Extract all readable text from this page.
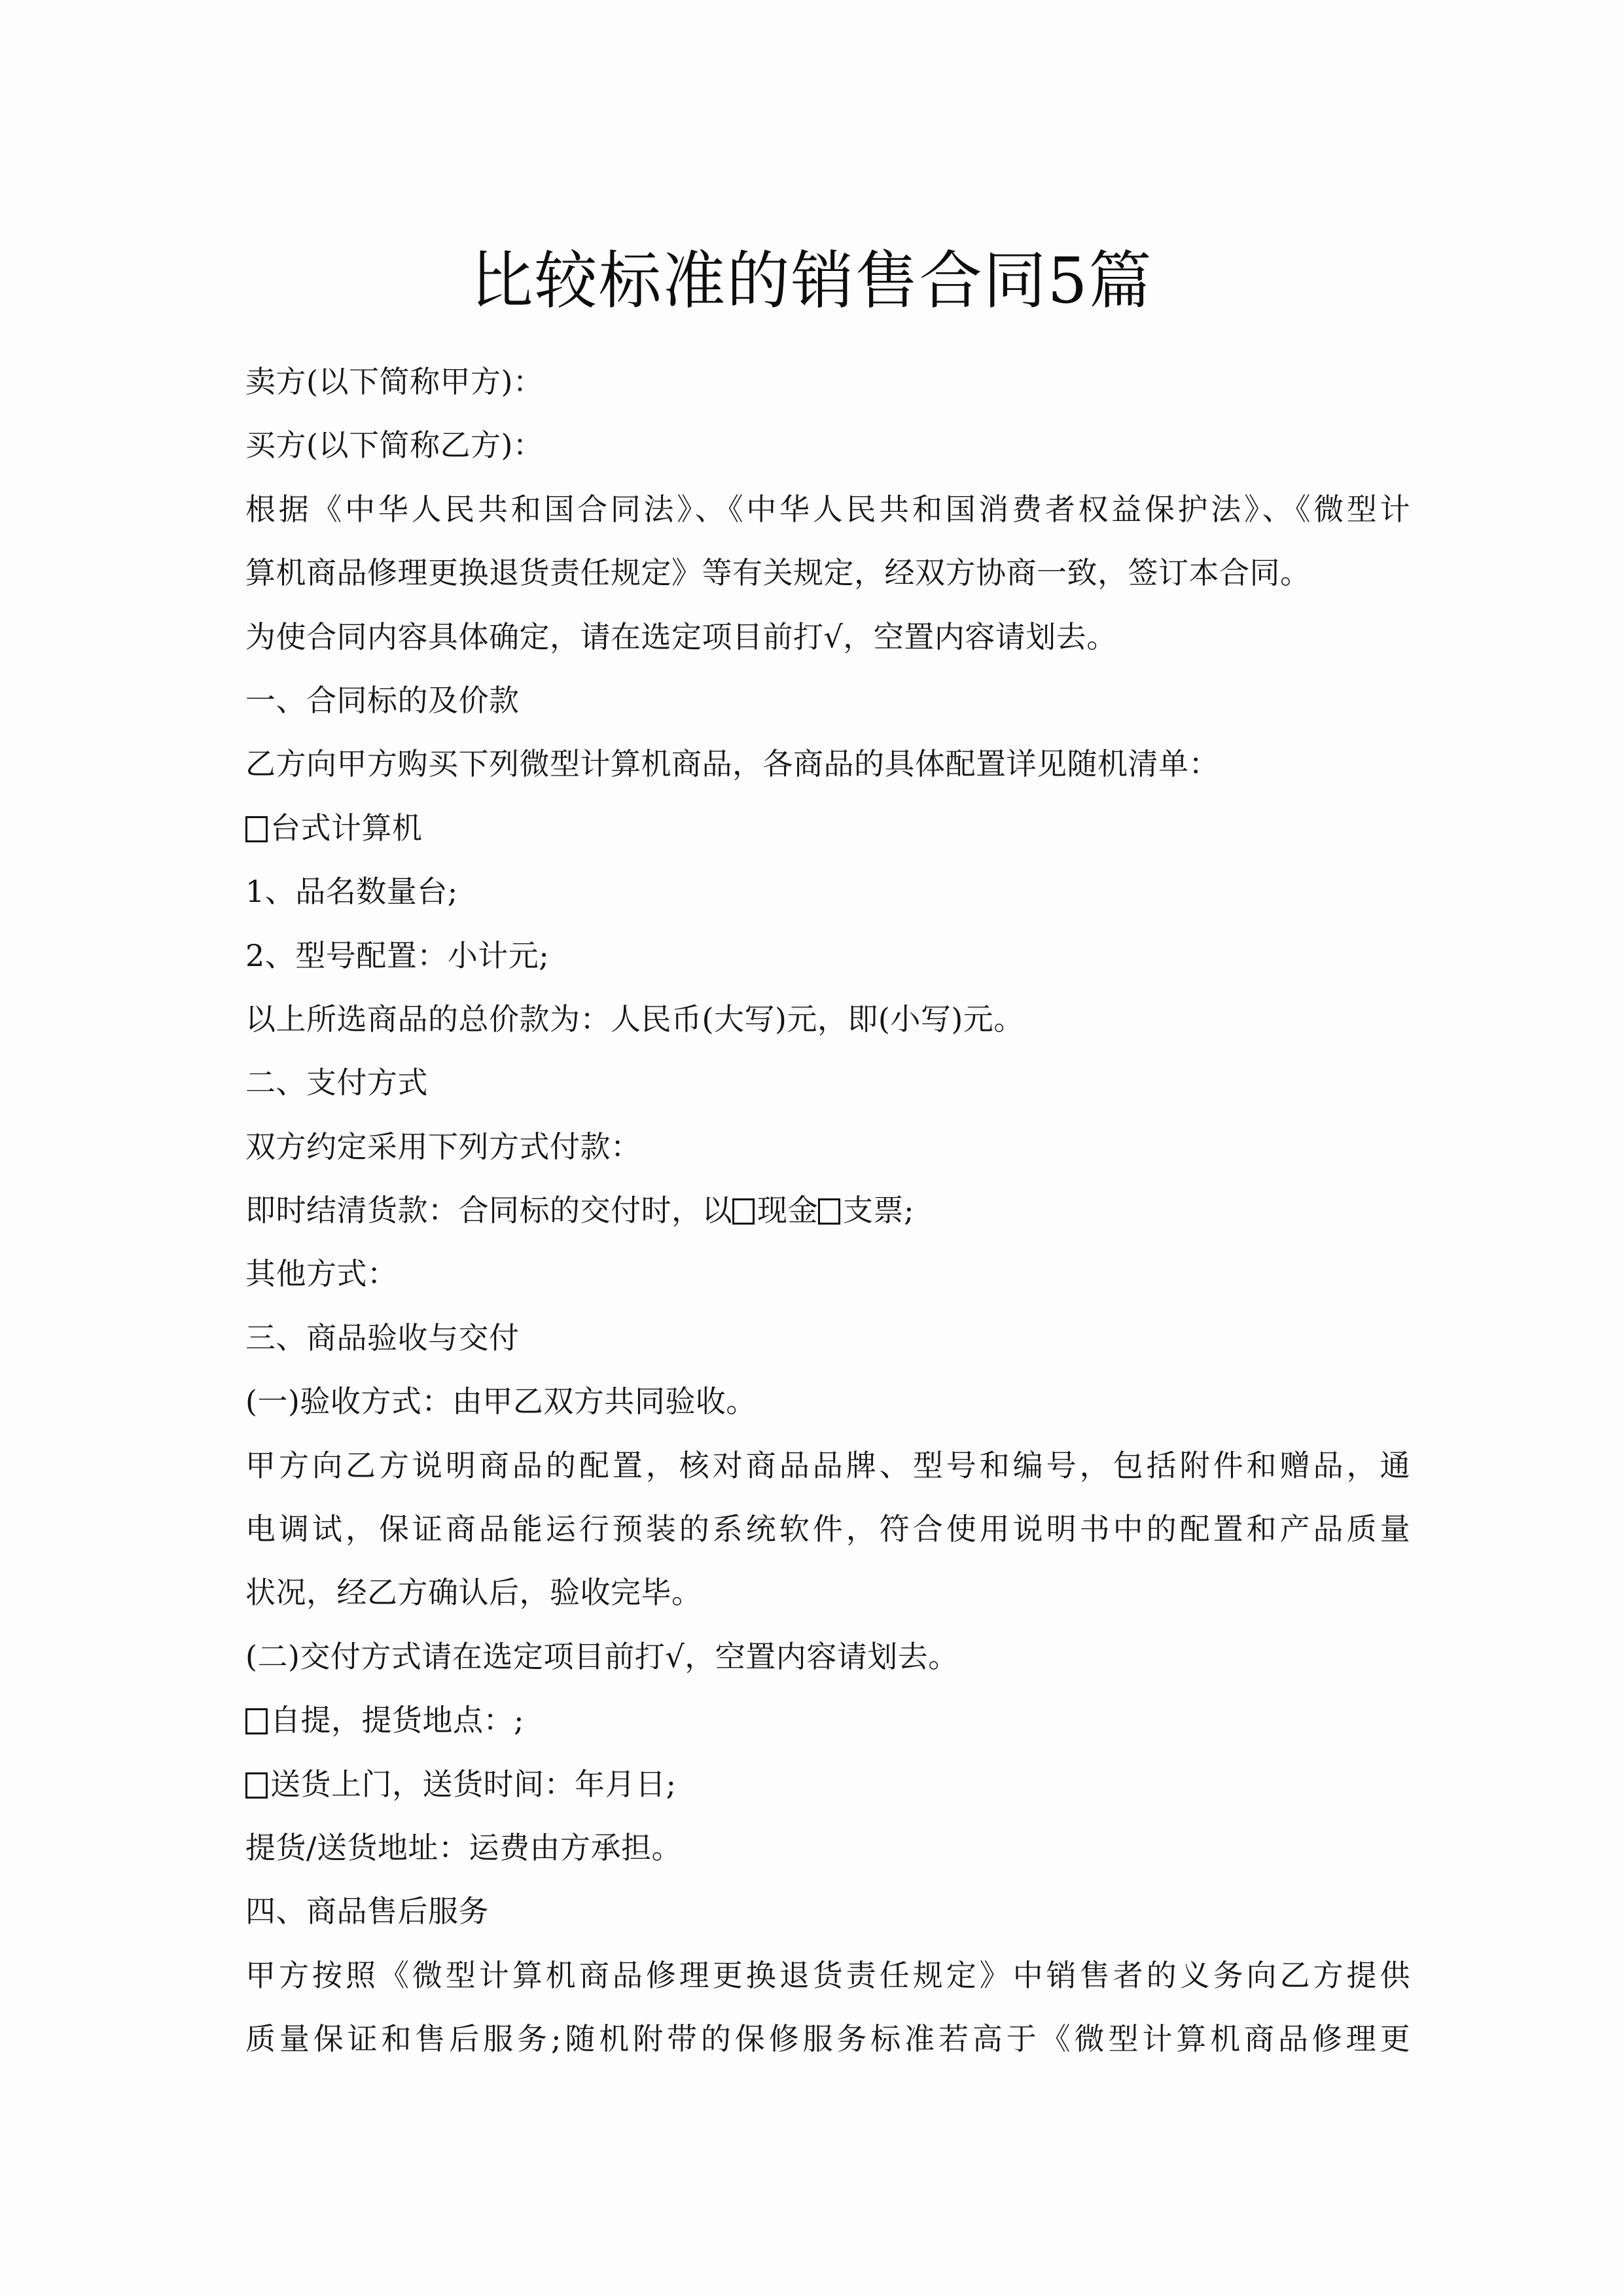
比较标准的销售合同5篇
卖方(以下简称甲方)：
买方(以下简称乙方)：
根据《中华人民共和国合同法》、《中华人民共和国消费者权益保护法》、《微型计
算机商品修理更换退货责任规定》等有关规定，经双方协商一致，签订本合同。
为使合同内容具体确定，请在选定项目前打√，空置内容请划去。
一、合同标的及价款
乙方向甲方购买下列微型计算机商品，各商品的具体配置详见随机清单：
台式计算机
1、品名数量台;
2、型号配置：小计元;
以上所选商品的总价款为：人民币(大写)元，即(小写)元。
二、支付方式
双方约定采用下列方式付款：
即时结清货款：合同标的交付时，以 现金 支票;
其他方式：
三、商品验收与交付
(一)验收方式：由甲乙双方共同验收。
甲方向乙方说明商品的配置，核对商品品牌、型号和编号，包括附件和赠品，通
电调试，保证商品能运行预装的系统软件，符合使用说明书中的配置和产品质量
状况，经乙方确认后，验收完毕。
(二)交付方式请在选定项目前打√，空置内容请划去。
自提，提货地点：;
送货上门，送货时间：年月日;
提货/送货地址：运费由方承担。
四、商品售后服务
甲方按照《微型计算机商品修理更换退货责任规定》中销售者的义务向乙方提供
质量保证和售后服务;随机附带的保修服务标准若高于《微型计算机商品修理更
